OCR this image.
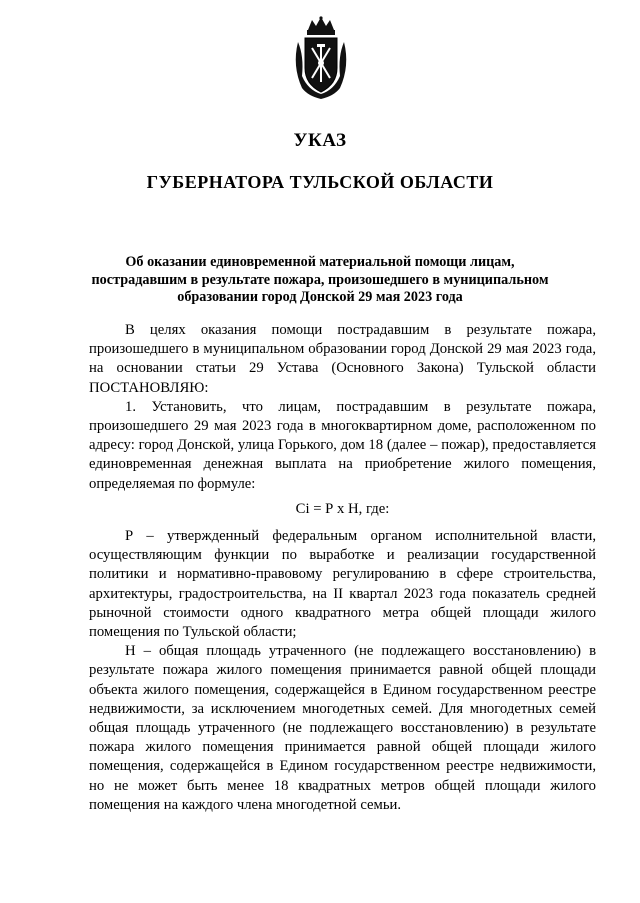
УКАЗ
ГУБЕРНАТОРА ТУЛЬСКОЙ ОБЛАСТИ
Об оказании единовременной материальной помощи лицам,
пострадавшим в результате пожара, произошедшего в муниципальном
образовании город Донской 29 мая 2023 года

В целях оказания помощи пострадавшим в результате пожара, произошедшего в муниципальном образовании город Донской 29 мая 2023 года, на основании статьи 29 Устава (Основного Закона) Тульской области ПОСТАНОВЛЯЮ:

1. Установить, что лицам, пострадавшим в результате пожара, произошедшего 29 мая 2023 года в многоквартирном доме, расположенном по адресу: город Донской, улица Горького, дом 18 (далее – пожар), предоставляется единовременная денежная выплата на приобретение жилого помещения, определяемая по формуле:

Ci = Р х Н, где:

Р – утвержденный федеральным органом исполнительной власти, осуществляющим функции по выработке и реализации государственной политики и нормативно-правовому регулированию в сфере строительства, архитектуры, градостроительства, на II квартал 2023 года показатель средней рыночной стоимости одного квадратного метра общей площади жилого помещения по Тульской области;

Н – общая площадь утраченного (не подлежащего восстановлению) в результате пожара жилого помещения принимается равной общей площади объекта жилого помещения, содержащейся в Едином государственном реестре недвижимости, за исключением многодетных семей. Для многодетных семей общая площадь утраченного (не подлежащего восстановлению) в результате пожара жилого помещения принимается равной общей площади жилого помещения, содержащейся в Едином государственном реестре недвижимости, но не может быть менее 18 квадратных метров общей площади жилого помещения на каждого члена многодетной семьи.
